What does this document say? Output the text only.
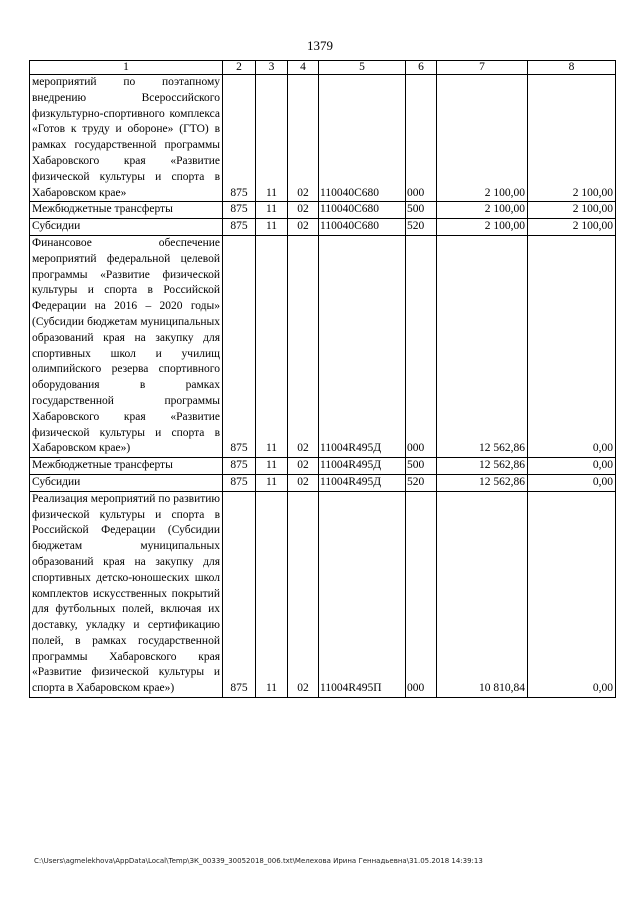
1379
1	2	3	4	5	6	7	8
мероприятий по поэтапному внедрению Всероссийского физкультурно-спортивного комплекса «Готов к труду и обороне» (ГТО) в рамках государственной программы Хабаровского края «Развитие физической культуры и спорта в Хабаровском крае»	875	11	02	110040С680	000	2 100,00	2 100,00
Межбюджетные трансферты	875	11	02	110040С680	500	2 100,00	2 100,00
Субсидии	875	11	02	110040С680	520	2 100,00	2 100,00
Финансовое обеспечение мероприятий федеральной целевой программы «Развитие физической культуры и спорта в Российской Федерации на 2016 – 2020 годы» (Субсидии бюджетам муниципальных образований края на закупку для спортивных школ и училищ олимпийского резерва спортивного оборудования в рамках государственной программы Хабаровского края «Развитие физической культуры и спорта в Хабаровском крае»)	875	11	02	11004R495Д	000	12 562,86	0,00
Межбюджетные трансферты	875	11	02	11004R495Д	500	12 562,86	0,00
Субсидии	875	11	02	11004R495Д	520	12 562,86	0,00
Реализация мероприятий по развитию физической культуры и спорта в Российской Федерации (Субсидии бюджетам муниципальных образований края на закупку для спортивных детско-юношеских школ комплектов искусственных покрытий для футбольных полей, включая их доставку, укладку и сертификацию полей, в рамках государственной программы Хабаровского края «Развитие физической культуры и спорта в Хабаровском крае»)	875	11	02	11004R495П	000	10 810,84	0,00
C:\Users\agmelekhova\AppData\Local\Temp\ЗК_00339_30052018_006.txt\Мелехова Ирина Геннадьевна\31.05.2018 14:39:13
